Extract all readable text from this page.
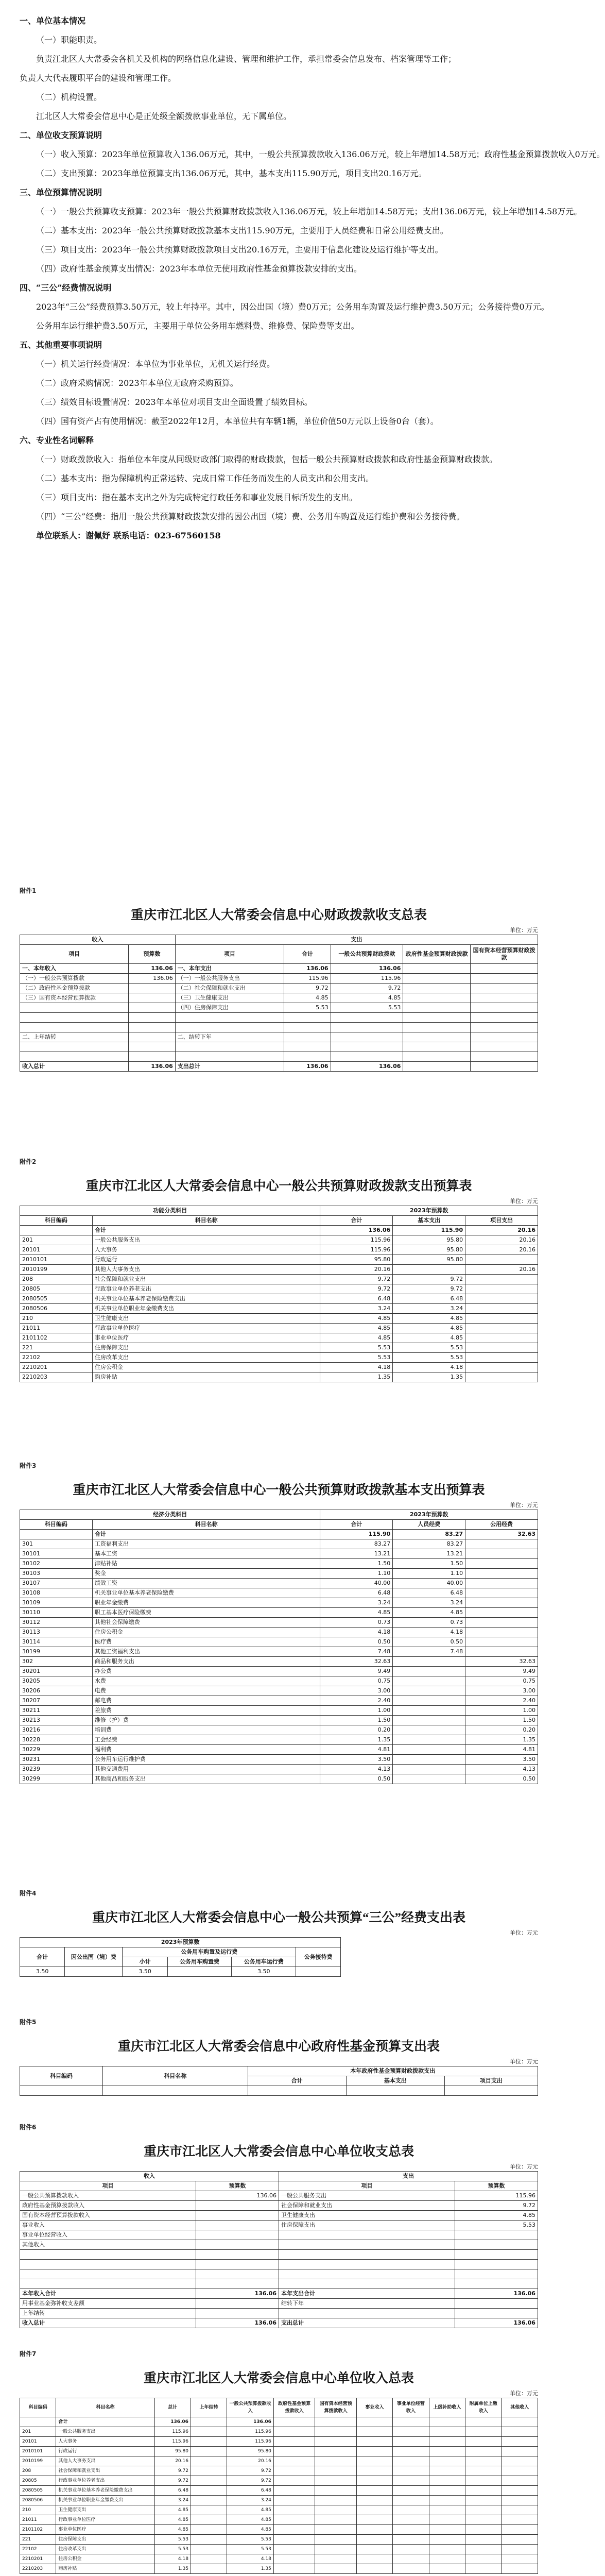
一、单位基本情况
（一）职能职责。
负责江北区人大常委会各机关及机构的网络信息化建设、管理和维护工作，承担常委会信息发布、档案管理等工作；
负责人大代表履职平台的建设和管理工作。
（二）机构设置。
江北区人大常委会信息中心是正处级全额拨款事业单位，无下属单位。
二、单位收支预算说明
（一）收入预算：2023年单位预算收入136.06万元，其中，一般公共预算拨款收入136.06万元，较上年增加14.58万元；政府性基金预算拨款收入0万元。
（二）支出预算：2023年单位预算支出136.06万元，其中，基本支出115.90万元，项目支出20.16万元。
三、单位预算情况说明
（一）一般公共预算收支预算：2023年一般公共预算财政拨款收入136.06万元，较上年增加14.58万元；支出136.06万元，较上年增加14.58万元。
（二）基本支出：2023年一般公共预算财政拨款基本支出115.90万元，主要用于人员经费和日常公用经费支出。
（三）项目支出：2023年一般公共预算财政拨款项目支出20.16万元，主要用于信息化建设及运行维护等支出。
（四）政府性基金预算支出情况：2023年本单位无使用政府性基金预算拨款安排的支出。
四、“三公”经费情况说明
2023年“三公”经费预算3.50万元，较上年持平。其中，因公出国（境）费0万元；公务用车购置及运行维护费3.50万元；公务接待费0万元。
公务用车运行维护费3.50万元，主要用于单位公务用车燃料费、维修费、保险费等支出。
五、其他重要事项说明
（一）机关运行经费情况：本单位为事业单位，无机关运行经费。
（二）政府采购情况：2023年本单位无政府采购预算。
（三）绩效目标设置情况：2023年本单位对项目支出全面设置了绩效目标。
（四）国有资产占有使用情况：截至2022年12月，本单位共有车辆1辆，单位价值50万元以上设备0台（套）。
六、专业性名词解释
（一）财政拨款收入：指单位本年度从同级财政部门取得的财政拨款，包括一般公共预算财政拨款和政府性基金预算财政拨款。
（二）基本支出：指为保障机构正常运转、完成日常工作任务而发生的人员支出和公用支出。
（三）项目支出：指在基本支出之外为完成特定行政任务和事业发展目标所发生的支出。
（四）“三公”经费：指用一般公共预算财政拨款安排的因公出国（境）费、公务用车购置及运行维护费和公务接待费。
单位联系人：谢佩妤 联系电话：023-67560158
附件1
重庆市江北区人大常委会信息中心财政拨款收支总表
单位：万元
收入		支出				
项目	预算数	项目	合计	一般公共预算财政拨款	政府性基金预算财政拨款	国有资本经营预算财政拨款
一、本年收入	136.06	一、本年支出	136.06	136.06		
（一）一般公共预算拨款	136.06	（一）一般公共服务支出	115.96	115.96		
（二）政府性基金预算拨款		（二）社会保障和就业支出	9.72	9.72		
（三）国有资本经营预算拨款		（三）卫生健康支出	4.85	4.85		
		（四）住房保障支出	5.53	5.53		

二、上年结转		二、结转下年				

收入总计	136.06	支出总计	136.06	136.06		
附件2
重庆市江北区人大常委会信息中心一般公共预算财政拨款支出预算表
单位：万元
功能分类科目		2023年预算数		
科目编码	科目名称	合计	基本支出	项目支出
	合计	136.06	115.90	20.16
201	一般公共服务支出	115.96	95.80	20.16
20101	人大事务	115.96	95.80	20.16
2010101	行政运行	95.80	95.80	
2010199	其他人大事务支出	20.16		20.16
208	社会保障和就业支出	9.72	9.72	
20805	行政事业单位养老支出	9.72	9.72	
2080505	机关事业单位基本养老保险缴费支出	6.48	6.48	
2080506	机关事业单位职业年金缴费支出	3.24	3.24	
210	卫生健康支出	4.85	4.85	
21011	行政事业单位医疗	4.85	4.85	
2101102	事业单位医疗	4.85	4.85	
221	住房保障支出	5.53	5.53	
22102	住房改革支出	5.53	5.53	
2210201	住房公积金	4.18	4.18	
2210203	购房补贴	1.35	1.35	
附件3
重庆市江北区人大常委会信息中心一般公共预算财政拨款基本支出预算表
单位：万元
经济分类科目		2023年预算数		
科目编码	科目名称	合计	人员经费	公用经费
	合计	115.90	83.27	32.63
301	工资福利支出	83.27	83.27	
30101	基本工资	13.21	13.21	
30102	津贴补贴	1.50	1.50	
30103	奖金	1.10	1.10	
30107	绩效工资	40.00	40.00	
30108	机关事业单位基本养老保险缴费	6.48	6.48	
30109	职业年金缴费	3.24	3.24	
30110	职工基本医疗保险缴费	4.85	4.85	
30112	其他社会保障缴费	0.73	0.73	
30113	住房公积金	4.18	4.18	
30114	医疗费	0.50	0.50	
30199	其他工资福利支出	7.48	7.48	
302	商品和服务支出	32.63		32.63
30201	办公费	9.49		9.49
30205	水费	0.75		0.75
30206	电费	3.00		3.00
30207	邮电费	2.40		2.40
30211	差旅费	1.00		1.00
30213	维修（护）费	1.50		1.50
30216	培训费	0.20		0.20
30228	工会经费	1.35		1.35
30229	福利费	4.81		4.81
30231	公务用车运行维护费	3.50		3.50
30239	其他交通费用	4.13		4.13
30299	其他商品和服务支出	0.50		0.50
附件4
重庆市江北区人大常委会信息中心一般公共预算“三公”经费支出表
单位：万元
2023年预算数					
合计	因公出国（境）费	公务用车购置及运行费			公务接待费
		小计	公务用车购置费	公务用车运行费	
3.50		3.50		3.50	
附件5
重庆市江北区人大常委会信息中心政府性基金预算支出表
单位：万元
科目编码	科目名称	本年政府性基金预算财政拨款支出		
		合计	基本支出	项目支出

附件6
重庆市江北区人大常委会信息中心单位收支总表
单位：万元
收入		支出		
项目	预算数	项目	预算数	
一般公共预算拨款收入	136.06	一般公共服务支出	115.96	
政府性基金预算拨款收入		社会保障和就业支出	9.72	
国有资本经营预算拨款收入		卫生健康支出	4.85	
事业收入		住房保障支出	5.53	
事业单位经营收入				
其他收入				

本年收入合计	136.06	本年支出合计	136.06	
用事业基金弥补收支差额		结转下年		
上年结转				
收入总计	136.06	支出总计	136.06	
附件7
重庆市江北区人大常委会信息中心单位收入总表
单位：万元
科目编码	科目名称	总计	上年结转	一般公共预算拨款收入	政府性基金预算拨款收入	国有资本经营预算拨款收入	事业收入	事业单位经营收入	上级补助收入	附属单位上缴收入	其他收入
	合计	136.06		136.06							
201	一般公共服务支出	115.96		115.96							
20101	人大事务	115.96		115.96							
2010101	行政运行	95.80		95.80							
2010199	其他人大事务支出	20.16		20.16							
208	社会保障和就业支出	9.72		9.72							
20805	行政事业单位养老支出	9.72		9.72							
2080505	机关事业单位基本养老保险缴费支出	6.48		6.48							
2080506	机关事业单位职业年金缴费支出	3.24		3.24							
210	卫生健康支出	4.85		4.85							
21011	行政事业单位医疗	4.85		4.85							
2101102	事业单位医疗	4.85		4.85							
221	住房保障支出	5.53		5.53							
22102	住房改革支出	5.53		5.53							
2210201	住房公积金	4.18		4.18							
2210203	购房补贴	1.35		1.35							
